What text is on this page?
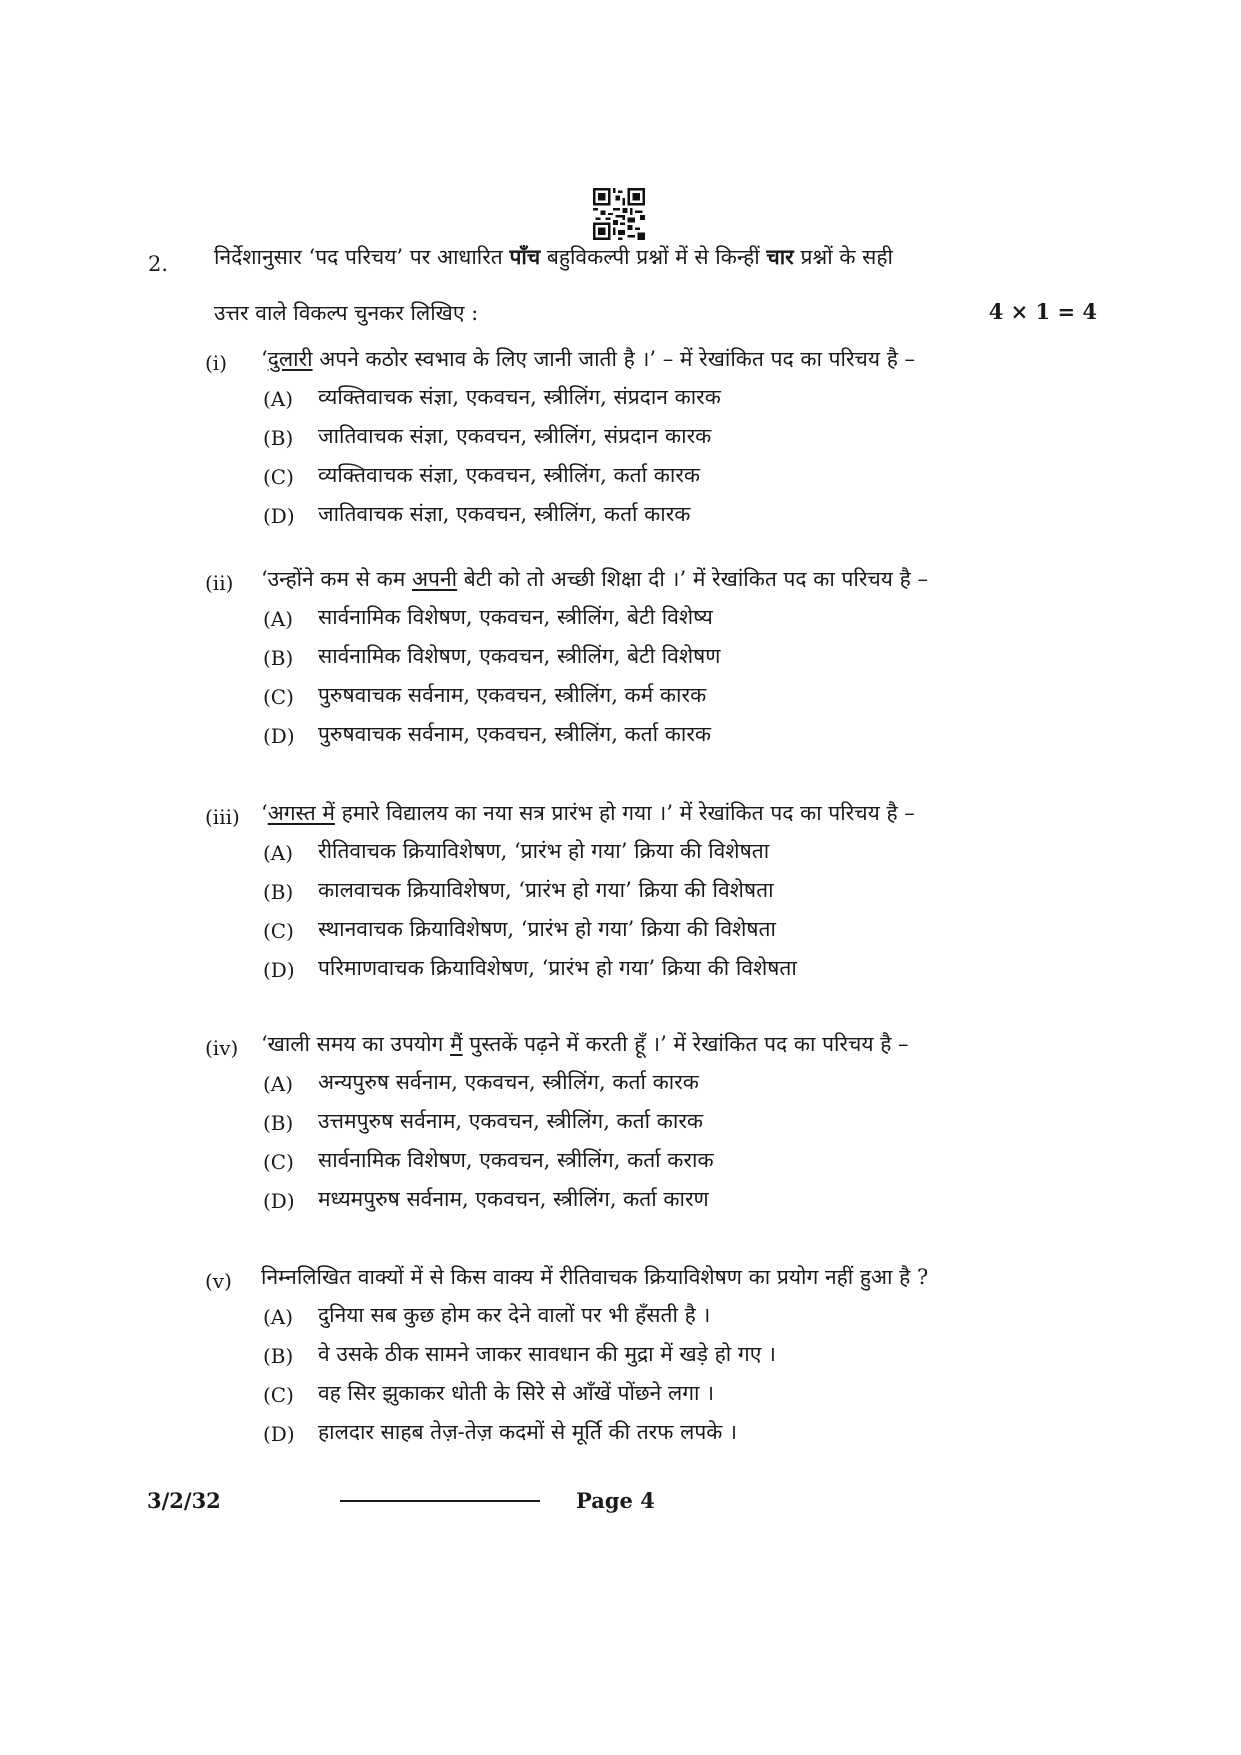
2. निर्देशानुसार ‘पद परिचय’ पर आधारित पाँच बहुविकल्पी प्रश्नों में से किन्हीं चार प्रश्नों के सही
उत्तर वाले विकल्प चुनकर लिखिए :	4 × 1 = 4
(i)	‘दुलारी अपने कठोर स्वभाव के लिए जानी जाती है ।’ – में रेखांकित पद का परिचय है –
(A) व्यक्तिवाचक संज्ञा, एकवचन, स्त्रीलिंग, संप्रदान कारक
(B) जातिवाचक संज्ञा, एकवचन, स्त्रीलिंग, संप्रदान कारक
(C) व्यक्तिवाचक संज्ञा, एकवचन, स्त्रीलिंग, कर्ता कारक
(D) जातिवाचक संज्ञा, एकवचन, स्त्रीलिंग, कर्ता कारक
(ii)	‘उन्होंने कम से कम अपनी बेटी को तो अच्छी शिक्षा दी ।’ में रेखांकित पद का परिचय है –
(A) सार्वनामिक विशेषण, एकवचन, स्त्रीलिंग, बेटी विशेष्य
(B) सार्वनामिक विशेषण, एकवचन, स्त्रीलिंग, बेटी विशेषण
(C) पुरुषवाचक सर्वनाम, एकवचन, स्त्रीलिंग, कर्म कारक
(D) पुरुषवाचक सर्वनाम, एकवचन, स्त्रीलिंग, कर्ता कारक
(iii)	‘अगस्त में हमारे विद्यालय का नया सत्र प्रारंभ हो गया ।’ में रेखांकित पद का परिचय है –
(A) रीतिवाचक क्रियाविशेषण, ‘प्रारंभ हो गया’ क्रिया की विशेषता
(B) कालवाचक क्रियाविशेषण, ‘प्रारंभ हो गया’ क्रिया की विशेषता
(C) स्थानवाचक क्रियाविशेषण, ‘प्रारंभ हो गया’ क्रिया की विशेषता
(D) परिमाणवाचक क्रियाविशेषण, ‘प्रारंभ हो गया’ क्रिया की विशेषता
(iv)	‘खाली समय का उपयोग मैं पुस्तकें पढ़ने में करती हूँ ।’ में रेखांकित पद का परिचय है –
(A) अन्यपुरुष सर्वनाम, एकवचन, स्त्रीलिंग, कर्ता कारक
(B) उत्तमपुरुष सर्वनाम, एकवचन, स्त्रीलिंग, कर्ता कारक
(C) सार्वनामिक विशेषण, एकवचन, स्त्रीलिंग, कर्ता कराक
(D) मध्यमपुरुष सर्वनाम, एकवचन, स्त्रीलिंग, कर्ता कारण
(v)	निम्नलिखित वाक्यों में से किस वाक्य में रीतिवाचक क्रियाविशेषण का प्रयोग नहीं हुआ है ?
(A) दुनिया सब कुछ होम कर देने वालों पर भी हँसती है ।
(B) वे उसके ठीक सामने जाकर सावधान की मुद्रा में खड़े हो गए ।
(C) वह सिर झुकाकर धोती के सिरे से आँखें पोंछने लगा ।
(D) हालदार साहब तेज़-तेज़ कदमों से मूर्ति की तरफ लपके ।
3/2/32	Page 4
